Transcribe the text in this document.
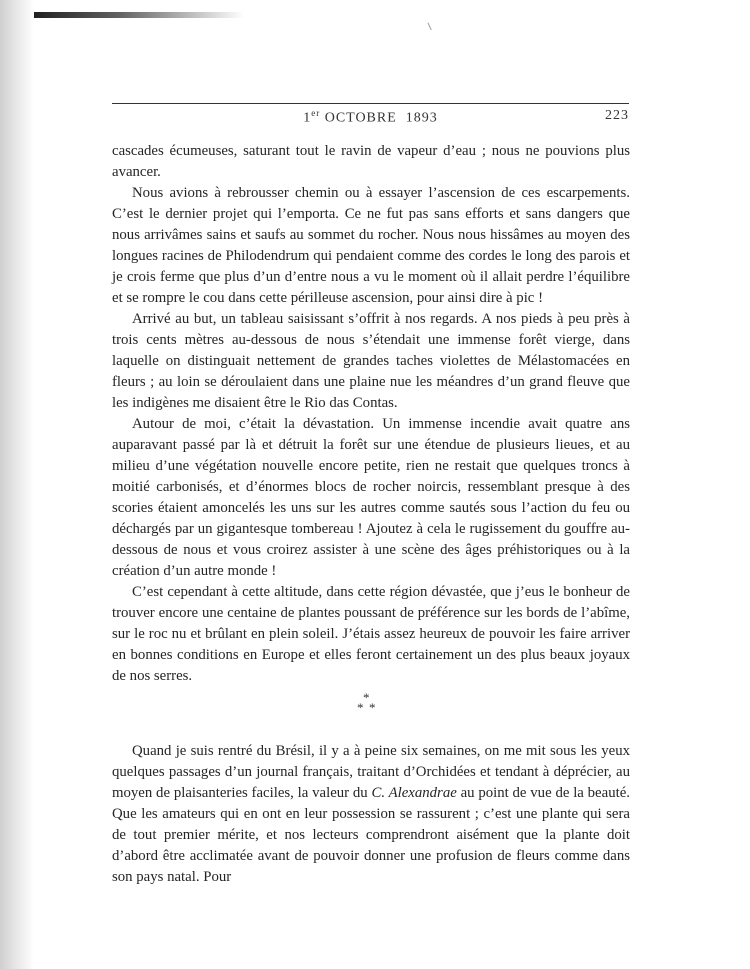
1er OCTOBRE  1893	223

cascades écumeuses, saturant tout le ravin de vapeur d’eau ; nous ne pouvions plus avancer.

Nous avions à rebrousser chemin ou à essayer l’ascension de ces escarpements. C’est le dernier projet qui l’emporta. Ce ne fut pas sans efforts et sans dangers que nous arrivâmes sains et saufs au sommet du rocher. Nous nous hissâmes au moyen des longues racines de Philodendrum qui pendaient comme des cordes le long des parois et je crois ferme que plus d’un d’entre nous a vu le moment où il allait perdre l’équilibre et se rompre le cou dans cette périlleuse ascension, pour ainsi dire à pic !

Arrivé au but, un tableau saisissant s’offrit à nos regards. A nos pieds à peu près à trois cents mètres au-dessous de nous s’étendait une immense forêt vierge, dans laquelle on distinguait nettement de grandes taches violettes de Mélastomacées en fleurs ; au loin se déroulaient dans une plaine nue les méandres d’un grand fleuve que les indigènes me disaient être le Rio das Contas.

Autour de moi, c’était la dévastation. Un immense incendie avait quatre ans auparavant passé par là et détruit la forêt sur une étendue de plusieurs lieues, et au milieu d’une végétation nouvelle encore petite, rien ne restait que quelques troncs à moitié carbonisés, et d’énormes blocs de rocher noircis, ressemblant presque à des scories étaient amoncelés les uns sur les autres comme sautés sous l’action du feu ou déchargés par un gigantesque tombereau ! Ajoutez à cela le rugissement du gouffre au-dessous de nous et vous croirez assister à une scène des âges préhistoriques ou à la création d’un autre monde !

C’est cependant à cette altitude, dans cette région dévastée, que j’eus le bonheur de trouver encore une centaine de plantes poussant de préférence sur les bords de l’abîme, sur le roc nu et brûlant en plein soleil. J’étais assez heureux de pouvoir les faire arriver en bonnes conditions en Europe et elles feront certainement un des plus beaux joyaux de nos serres.

*
* *

Quand je suis rentré du Brésil, il y a à peine six semaines, on me mit sous les yeux quelques passages d’un journal français, traitant d’Orchidées et tendant à déprécier, au moyen de plaisanteries faciles, la valeur du C. Alexandrae au point de vue de la beauté. Que les amateurs qui en ont en leur possession se rassurent ; c’est une plante qui sera de tout premier mérite, et nos lecteurs comprendront aisément que la plante doit d’abord être acclimatée avant de pouvoir donner une profusion de fleurs comme dans son pays natal. Pour
